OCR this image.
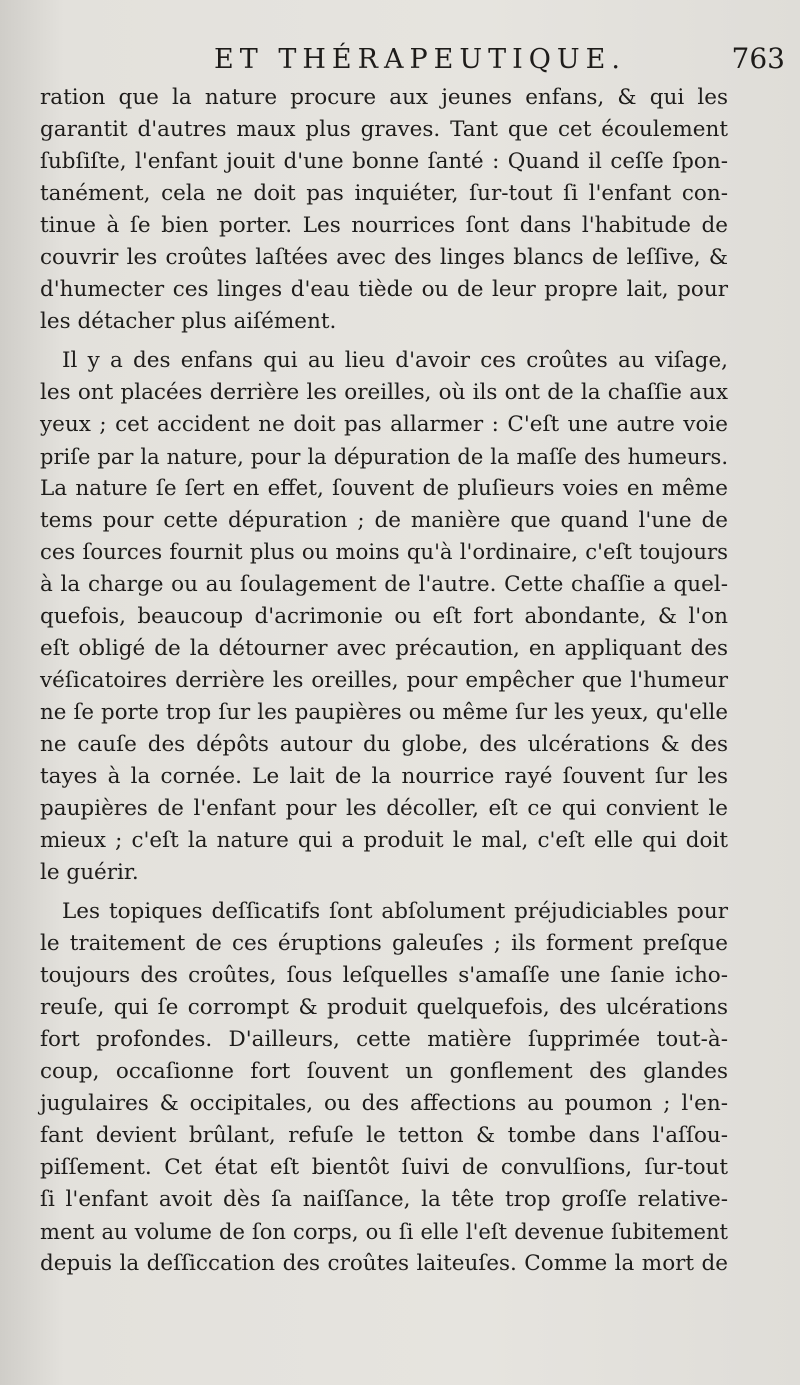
ET THÉRAPEUTIQUE.	763
ration que la nature procure aux jeunes enfans, & qui les
garantit d'autres maux plus graves. Tant que cet écoulement
ſubſiſte, l'enfant jouit d'une bonne ſanté : Quand il ceſſe ſpon-
tanément, cela ne doit pas inquiéter, ſur-tout ſi l'enfant con-
tinue à ſe bien porter. Les nourrices ſont dans l'habitude de
couvrir les croûtes laſtées avec des linges blancs de leſſive, &
d'humecter ces linges d'eau tiède ou de leur propre lait, pour
les détacher plus aiſément.
Il y a des enfans qui au lieu d'avoir ces croûtes au viſage,
les ont placées derrière les oreilles, où ils ont de la chaſſie aux
yeux ; cet accident ne doit pas allarmer : C'eſt une autre voie
priſe par la nature, pour la dépuration de la maſſe des humeurs.
La nature ſe ſert en effet, ſouvent de pluſieurs voies en même
tems pour cette dépuration ; de manière que quand l'une de
ces ſources fournit plus ou moins qu'à l'ordinaire, c'eſt toujours
à la charge ou au ſoulagement de l'autre. Cette chaſſie a quel-
quefois, beaucoup d'acrimonie ou eſt fort abondante, & l'on
eſt obligé de la détourner avec précaution, en appliquant des
véſicatoires derrière les oreilles, pour empêcher que l'humeur
ne ſe porte trop ſur les paupières ou même ſur les yeux, qu'elle
ne cauſe des dépôts autour du globe, des ulcérations & des
tayes à la cornée. Le lait de la nourrice rayé ſouvent ſur les
paupières de l'enfant pour les décoller, eſt ce qui convient le
mieux ; c'eſt la nature qui a produit le mal, c'eſt elle qui doit
le guérir.
Les topiques deſſicatifs ſont abſolument préjudiciables pour
le traitement de ces éruptions galeuſes ; ils forment preſque
toujours des croûtes, ſous leſquelles s'amaſſe une ſanie icho-
reuſe, qui ſe corrompt & produit quelquefois, des ulcérations
fort profondes. D'ailleurs, cette matière ſupprimée tout-à-
coup, occaſionne fort ſouvent un gonflement des glandes
jugulaires & occipitales, ou des affections au poumon ; l'en-
fant devient brûlant, refuſe le tetton & tombe dans l'aſſou-
piſſement. Cet état eſt bientôt ſuivi de convulſions, ſur-tout
ſi l'enfant avoit dès ſa naiſſance, la tête trop groſſe relative-
ment au volume de ſon corps, ou ſi elle l'eſt devenue ſubitement
depuis la deſſiccation des croûtes laiteuſes. Comme la mort de
